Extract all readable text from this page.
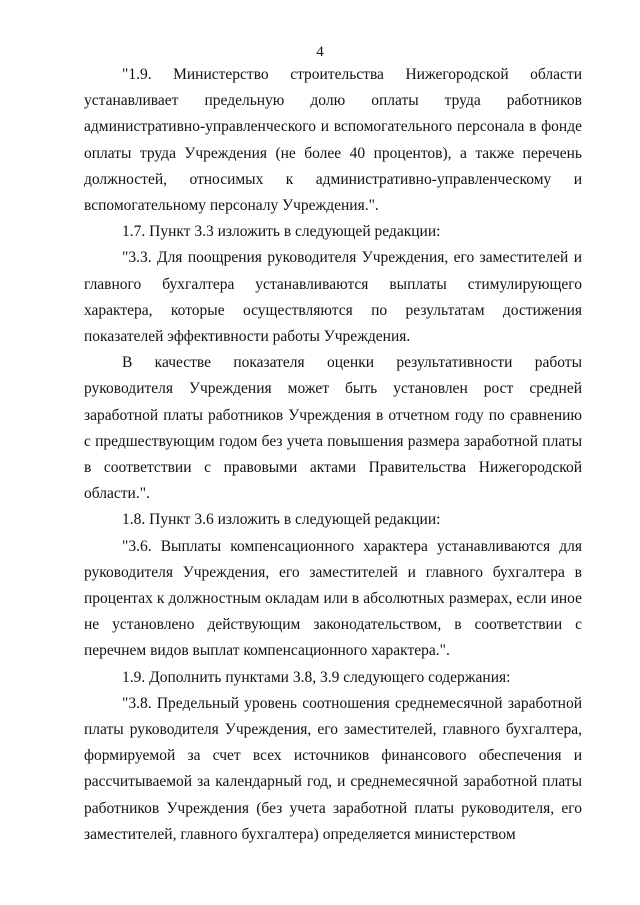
4

"1.9. Министерство строительства Нижегородской области устанавливает предельную долю оплаты труда работников административно-управленческого и вспомогательного персонала в фонде оплаты труда Учреждения (не более 40 процентов), а также перечень должностей, относимых к административно-управленческому и вспомогательному персоналу Учреждения.".

1.7. Пункт 3.3 изложить в следующей редакции:

"3.3. Для поощрения руководителя Учреждения, его заместителей и главного бухгалтера устанавливаются выплаты стимулирующего характера, которые осуществляются по результатам достижения показателей эффективности работы Учреждения.

В качестве показателя оценки результативности работы руководителя Учреждения может быть установлен рост средней заработной платы работников Учреждения в отчетном году по сравнению с предшествующим годом без учета повышения размера заработной платы в соответствии с правовыми актами Правительства Нижегородской области.".

1.8. Пункт 3.6 изложить в следующей редакции:

"3.6. Выплаты компенсационного характера устанавливаются для руководителя Учреждения, его заместителей и главного бухгалтера в процентах к должностным окладам или в абсолютных размерах, если иное не установлено действующим законодательством, в соответствии с перечнем видов выплат компенсационного характера.".

1.9. Дополнить пунктами 3.8, 3.9 следующего содержания:

"3.8. Предельный уровень соотношения среднемесячной заработной платы руководителя Учреждения, его заместителей, главного бухгалтера, формируемой за счет всех источников финансового обеспечения и рассчитываемой за календарный год, и среднемесячной заработной платы работников Учреждения (без учета заработной платы руководителя, его заместителей, главного бухгалтера) определяется министерством
